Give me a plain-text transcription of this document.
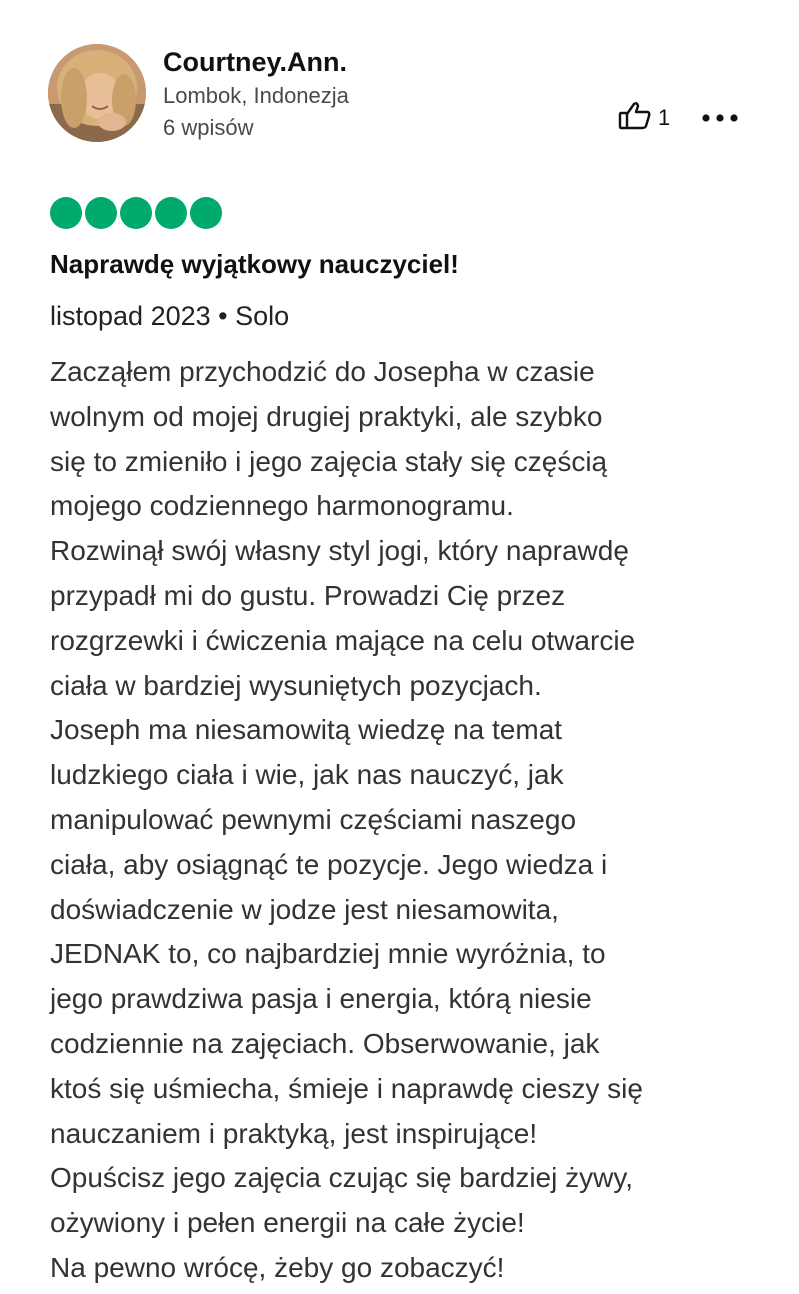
Courtney.Ann.
Lombok, Indonezja
6 wpisów	1
Naprawdę wyjątkowy nauczyciel!
listopad 2023 • Solo
Zacząłem przychodzić do Josepha w czasie
wolnym od mojej drugiej praktyki, ale szybko
się to zmieniło i jego zajęcia stały się częścią
mojego codziennego harmonogramu.
Rozwinął swój własny styl jogi, który naprawdę
przypadł mi do gustu. Prowadzi Cię przez
rozgrzewki i ćwiczenia mające na celu otwarcie
ciała w bardziej wysuniętych pozycjach.
Joseph ma niesamowitą wiedzę na temat
ludzkiego ciała i wie, jak nas nauczyć, jak
manipulować pewnymi częściami naszego
ciała, aby osiągnąć te pozycje. Jego wiedza i
doświadczenie w jodze jest niesamowita,
JEDNAK to, co najbardziej mnie wyróżnia, to
jego prawdziwa pasja i energia, którą niesie
codziennie na zajęciach. Obserwowanie, jak
ktoś się uśmiecha, śmieje i naprawdę cieszy się
nauczaniem i praktyką, jest inspirujące!
Opuścisz jego zajęcia czując się bardziej żywy,
ożywiony i pełen energii na całe życie!
Na pewno wrócę, żeby go zobaczyć!
